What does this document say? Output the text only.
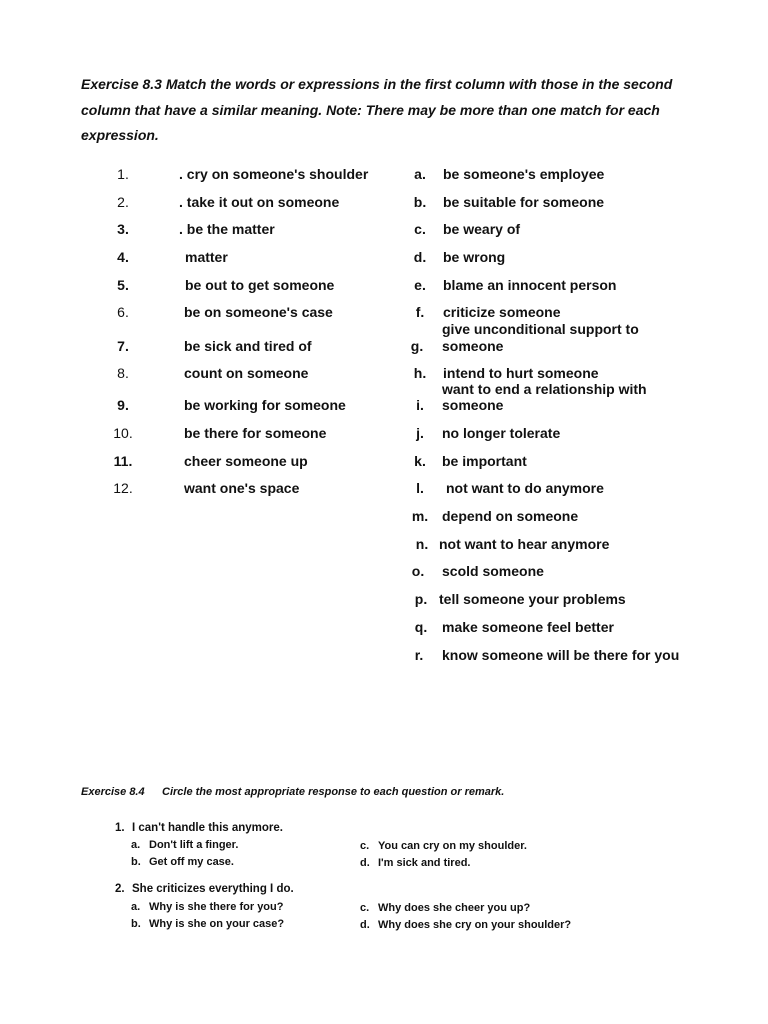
Exercise 8.3 Match the words or expressions in the first column with those in the second column that have a similar meaning. Note: There may be more than one match for each expression.
1.
2.
3.
4.
5.
6.
7.
8.
9.
10.
11.
12.
. cry on someone's shoulder
. take it out on someone
. be the matter
matter
be out to get someone
be on someone's case
be sick and tired of
count on someone
be working for someone
be there for someone
cheer someone up
want one's space
a.
b.
c.
d.
e.
f.
g.
h.
i.
j.
k.
l.
m.
n.
o.
p.
q.
r.
be someone's employee
be suitable for someone
be weary of
be wrong
blame an innocent person
criticize someone
give unconditional support to
someone
intend to hurt someone
want to end a relationship with
someone
no longer tolerate
be important
not want to do anymore
depend on someone
not want to hear anymore
scold someone
tell someone your problems
make someone feel better
know someone will be there for you
Exercise 8.4 Circle the most appropriate response to each question or remark.
1. I can't handle this anymore.
a. Don't lift a finger.
b. Get off my case.
c. You can cry on my shoulder.
d. I'm sick and tired.
2. She criticizes everything I do.
a. Why is she there for you?
b. Why is she on your case?
c. Why does she cheer you up?
d. Why does she cry on your shoulder?
